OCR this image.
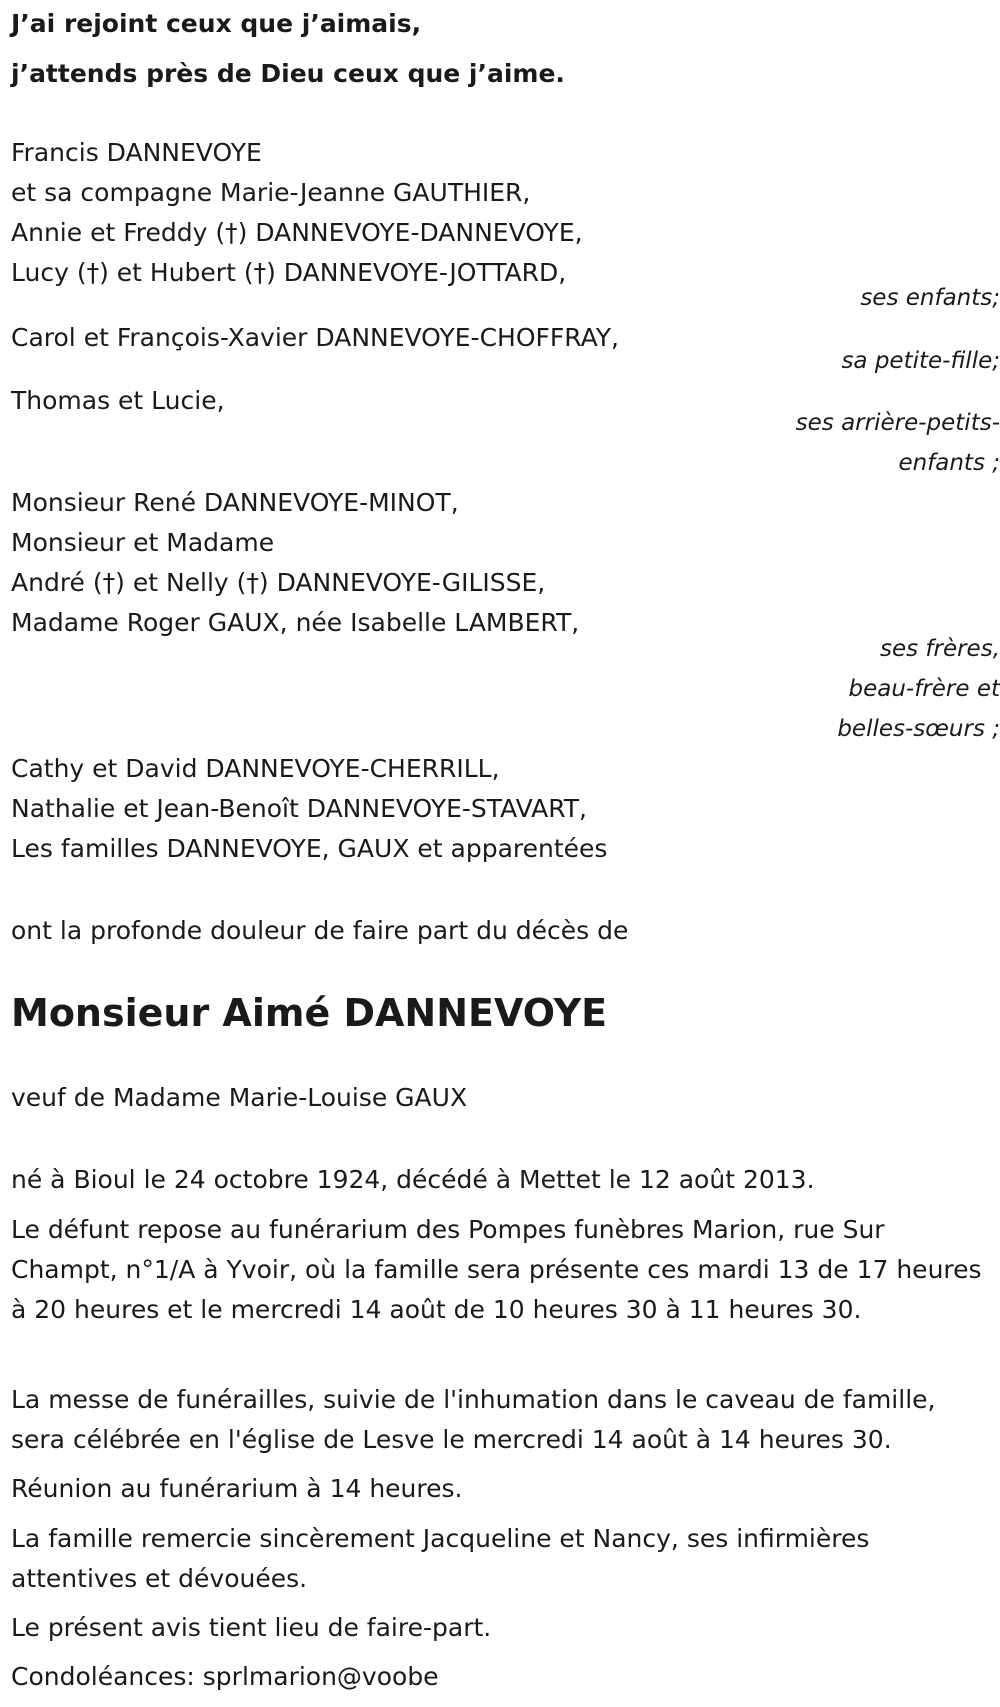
J’ai rejoint ceux que j’aimais,

j’attends près de Dieu ceux que j’aime.

Francis DANNEVOYE

et sa compagne Marie-Jeanne GAUTHIER,

Annie et Freddy (†) DANNEVOYE-DANNEVOYE,

Lucy (†) et Hubert (†) DANNEVOYE-JOTTARD,

ses enfants;

Carol et François-Xavier DANNEVOYE-CHOFFRAY,

sa petite-fille;

Thomas et Lucie,

ses arrière-petits-

enfants ;

Monsieur René DANNEVOYE-MINOT,

Monsieur et Madame

André (†) et Nelly (†) DANNEVOYE-GILISSE,

Madame Roger GAUX, née Isabelle LAMBERT,

ses frères,

beau-frère et

belles-sœurs ;

Cathy et David DANNEVOYE-CHERRILL,

Nathalie et Jean-Benoît DANNEVOYE-STAVART,

Les familles DANNEVOYE, GAUX et apparentées

ont la profonde douleur de faire part du décès de

Monsieur Aimé DANNEVOYE

veuf de Madame Marie-Louise GAUX

né à Bioul le 24 octobre 1924, décédé à Mettet le 12 août 2013.

Le défunt repose au funérarium des Pompes funèbres Marion, rue Sur Champt, n°1/A à Yvoir, où la famille sera présente ces mardi 13 de 17 heures à 20 heures et le mercredi 14 août de 10 heures 30 à 11 heures 30.

La messe de funérailles, suivie de l'inhumation dans le caveau de famille, sera célébrée en l'église de Lesve le mercredi 14 août à 14 heures 30.

Réunion au funérarium à 14 heures.

La famille remercie sincèrement Jacqueline et Nancy, ses infirmières attentives et dévouées.

Le présent avis tient lieu de faire-part.

Condoléances: sprlmarion@voobe
